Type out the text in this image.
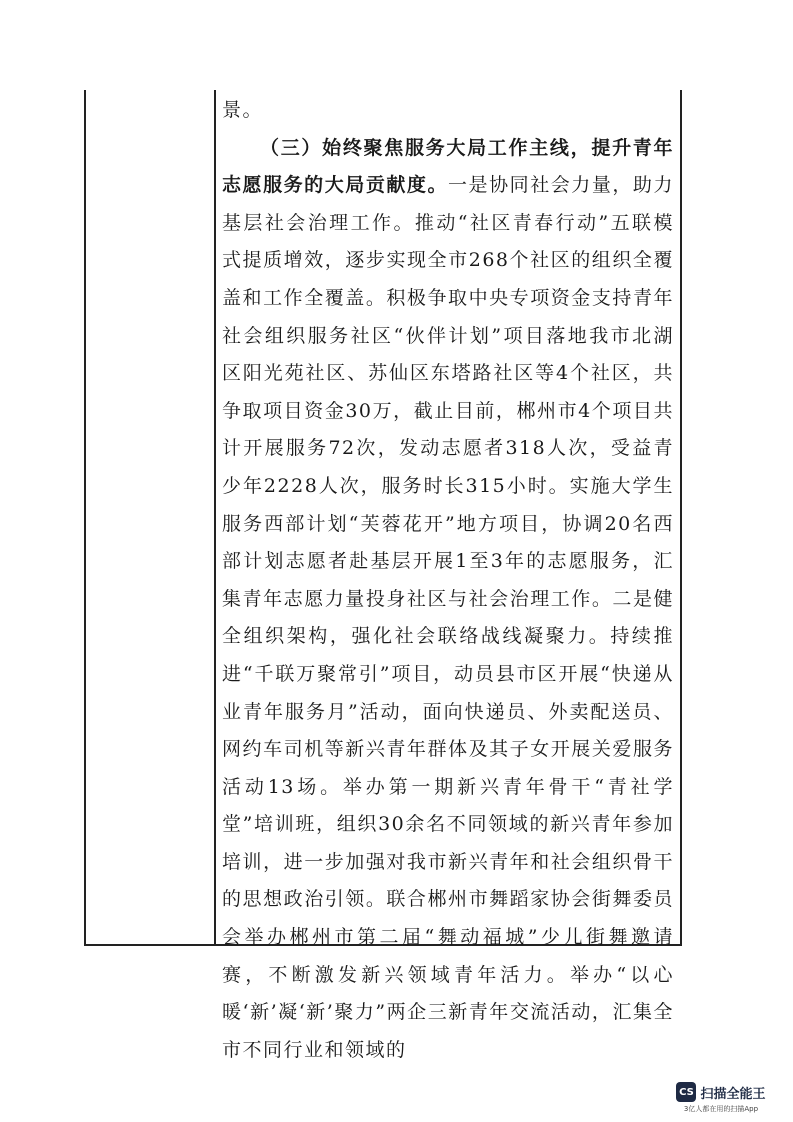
景。

（三）始终聚焦服务大局工作主线，提升青年志愿服务的大局贡献度。一是协同社会力量，助力基层社会治理工作。推动“社区青春行动”五联模式提质增效，逐步实现全市268个社区的组织全覆盖和工作全覆盖。积极争取中央专项资金支持青年社会组织服务社区“伙伴计划”项目落地我市北湖区阳光苑社区、苏仙区东塔路社区等4个社区，共争取项目资金30万，截止目前，郴州市4个项目共计开展服务72次，发动志愿者318人次，受益青少年2228人次，服务时长315小时。实施大学生服务西部计划“芙蓉花开”地方项目，协调20名西部计划志愿者赴基层开展1至3年的志愿服务，汇集青年志愿力量投身社区与社会治理工作。二是健全组织架构，强化社会联络战线凝聚力。持续推进“千联万聚常引”项目，动员县市区开展“快递从业青年服务月”活动，面向快递员、外卖配送员、网约车司机等新兴青年群体及其子女开展关爱服务活动13场。举办第一期新兴青年骨干“青社学堂”培训班，组织30余名不同领域的新兴青年参加培训，进一步加强对我市新兴青年和社会组织骨干的思想政治引领。联合郴州市舞蹈家协会街舞委员会举办郴州市第二届“舞动福城”少儿街舞邀请赛，不断激发新兴领域青年活力。举办“以心暖‘新’凝‘新’聚力”两企三新青年交流活动，汇集全市不同行业和领域的

CS 扫描全能王
3亿人都在用的扫描App
